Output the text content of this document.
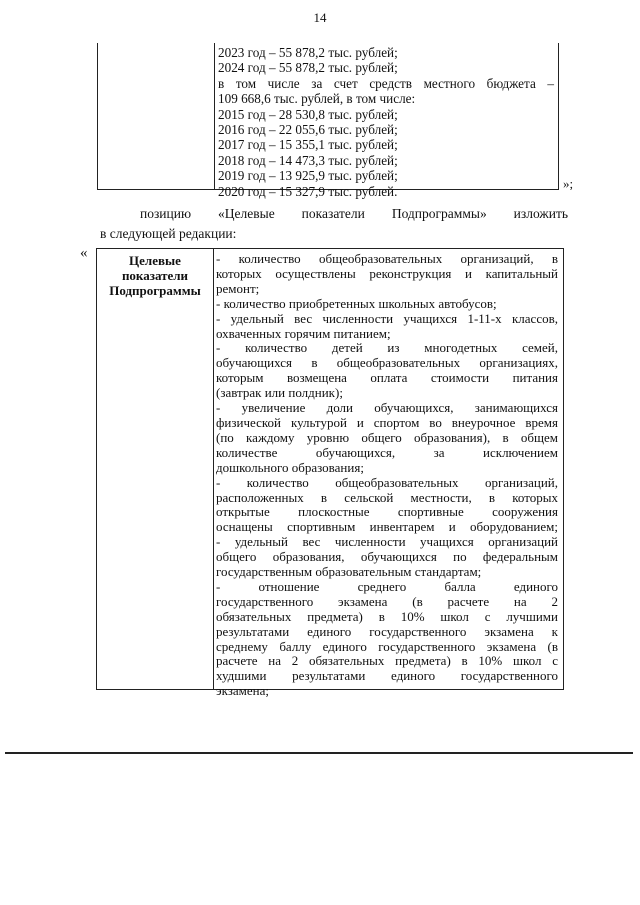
14
2023 год – 55 878,2 тыс. рублей;
2024 год – 55 878,2 тыс. рублей;
в том числе за счет средств местного бюджета –
109 668,6 тыс. рублей, в том числе:
2015 год – 28 530,8 тыс. рублей;
2016 год – 22 055,6 тыс. рублей;
2017 год – 15 355,1 тыс. рублей;
2018 год – 14 473,3 тыс. рублей;
2019 год – 13 925,9 тыс. рублей;
2020 год – 15 327,9 тыс. рублей.
»;
позицию «Целевые показатели Подпрограммы» изложить
в следующей редакции:
«	Целевые
показатели
Подпрограммы
- количество общеобразовательных организаций, в
которых осуществлены реконструкция и капитальный
ремонт;
- количество приобретенных школьных автобусов;
- удельный вес численности учащихся 1-11-х классов,
охваченных горячим питанием;
- количество детей из многодетных семей,
обучающихся в общеобразовательных организациях,
которым возмещена оплата стоимости питания
(завтрак или полдник);
- увеличение доли обучающихся, занимающихся
физической культурой и спортом во внеурочное время
(по каждому уровню общего образования), в общем
количестве обучающихся, за исключением
дошкольного образования;
- количество общеобразовательных организаций,
расположенных в сельской местности, в которых
открытые плоскостные спортивные сооружения
оснащены спортивным инвентарем и оборудованием;
- удельный вес численности учащихся организаций
общего образования, обучающихся по федеральным
государственным образовательным стандартам;
- отношение среднего балла единого
государственного экзамена (в расчете на 2
обязательных предмета) в 10% школ с лучшими
результатами единого государственного экзамена к
среднему баллу единого государственного экзамена (в
расчете на 2 обязательных предмета) в 10% школ с
худшими результатами единого государственного
экзамена;
